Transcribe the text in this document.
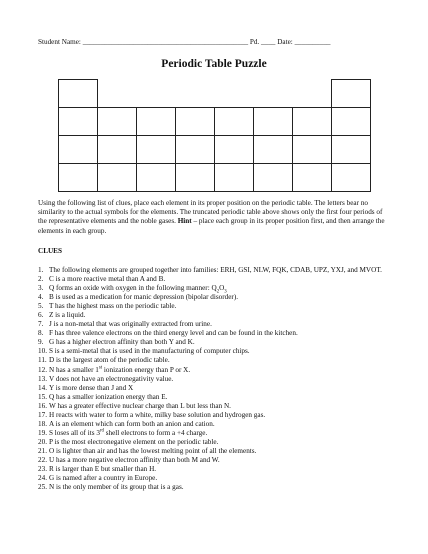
Student Name: ______________________________________________ Pd. ____ Date: __________
Periodic Table Puzzle
Using the following list of clues, place each element in its proper position on the periodic table. The letters bear no similarity to the actual symbols for the elements. The truncated periodic table above shows only the first four periods of the representative elements and the noble gases. Hint – place each group in its proper position first, and then arrange the elements in each group.
CLUES
1. The following elements are grouped together into families: ERH, GSI, NLW, FQK, CDAB, UPZ, YXJ, and MVOT.
2. C is a more reactive metal than A and B.
3. Q forms an oxide with oxygen in the following manner: $Q_2O_3$
4. B is used as a medication for manic depression (bipolar disorder).
5. T has the highest mass on the periodic table.
6. Z is a liquid.
7. J is a non-metal that was originally extracted from urine.
8. F has three valence electrons on the third energy level and can be found in the kitchen.
9. G has a higher electron affinity than both Y and K.
10. S is a semi-metal that is used in the manufacturing of computer chips.
11. D is the largest atom of the periodic table.
12. N has a smaller 1st ionization energy than P or X.
13. V does not have an electronegativity value.
14. Y is more dense than J and X
15. Q has a smaller ionization energy than E.
16. W has a greater effective nuclear charge than L but less than N.
17. H reacts with water to form a white, milky base solution and hydrogen gas.
18. A is an element which can form both an anion and cation.
19. S loses all of its 3rd shell electrons to form a +4 charge.
20. P is the most electronegative element on the periodic table.
21. O is lighter than air and has the lowest melting point of all the elements.
22. U has a more negative electron affinity than both M and W.
23. R is larger than E but smaller than H.
24. G is named after a country in Europe.
25. N is the only member of its group that is a gas.
